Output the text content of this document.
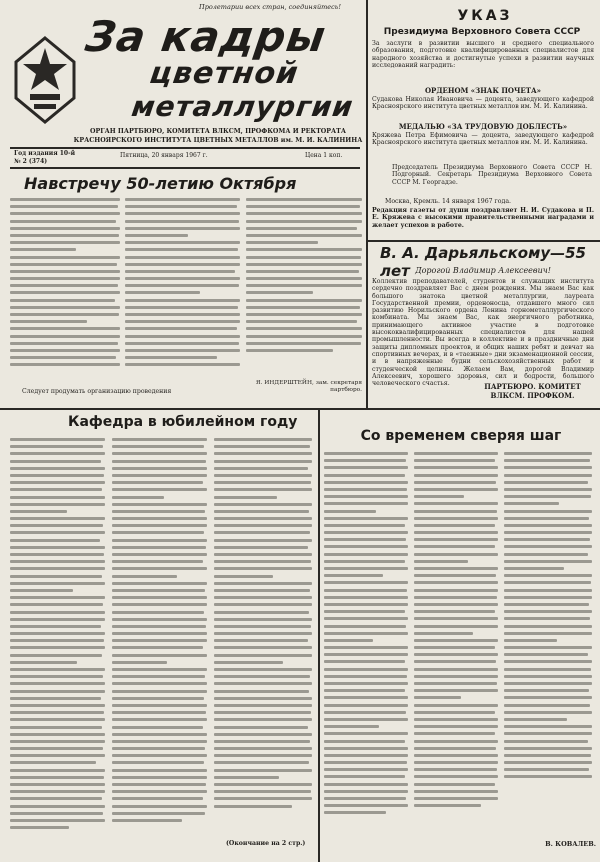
Пролетарии всех стран, соединяйтесь!
За кадры
цветной
металлургии
ОРГАН ПАРТБЮРО, КОМИТЕТА ВЛКСМ, ПРОФКОМА И РЕКТОРАТА
КРАСНОЯРСКОГО ИНСТИТУТА ЦВЕТНЫХ МЕТАЛЛОВ им. М. И. КАЛИНИНА
Год издания 10-й
№ 2 (374)
Пятница, 20 января 1967 г.	Цена 1 коп.
УКАЗ
Президиума Верховного Совета СССР
За заслуги в развитии высшего и среднего специального образования, подготовке квалифицированных специалистов для народного хозяйства и достигнутые успехи в развитии научных исследований наградить:
ОРДЕНОМ «ЗНАК ПОЧЕТА»
Судакова Николая Ивановича — доцента, заведующего кафедрой Красноярского института цветных металлов им. М. И. Калинина.
МЕДАЛЬЮ «ЗА ТРУДОВУЮ ДОБЛЕСТЬ»
Кряжева Петра Ефимовича — доцента, заведующего кафедрой Красноярского института цветных металлов им. М. И. Калинина.
Председатель Президиума Верховного Совета СССР Н. Подгорный. Секретарь Президиума Верховного Совета СССР М. Георгадзе.
Москва, Кремль. 14 января 1967 года.
Редакция газеты от души поздравляет Н. И. Судакова и П. Е. Кряжева с высокими правительственными наградами и желает успехов в работе.
В. А. Дарьяльскому—55 лет Дорогой Владимир Алексеевич!
Коллектив преподавателей, студентов и служащих института сердечно поздравляет Вас с днем рождения. Мы знаем Вас как большого знатока цветной металлургии, лауреата Государственной премии, орденоносца, отдавшего много сил развитию Норильского ордена Ленина горнометаллургического комбината. Мы знаем Вас, как энергичного работника, принимающего активное участие в подготовке высококвалифицированных специалистов для нашей промышленности. Вы всегда в коллективе и в праздничные дни защиты дипломных проектов, и общих наших ребят и девчат на спортивных вечерах, и в «таежные» дни экзаменационной сессии, и в напряженные будни сельскохозяйственных работ и студенческой целины. Желаем Вам, дорогой Владимир Алексеевич, хорошего здоровья, сил и бодрости, большого человеческого счастья.	ПАРТБЮРО. КОМИТЕТ ВЛКСМ. ПРОФКОМ.
Навстречу 50-летию Октября
Следует продумать организацию проведения
Я. ИНДЕРШТЕЙН, зам. секретаря партбюро.
Кафедра в юбилейном году
(Окончание на 2 стр.)
Со временем сверяя шаг
В. КОВАЛЕВ.
